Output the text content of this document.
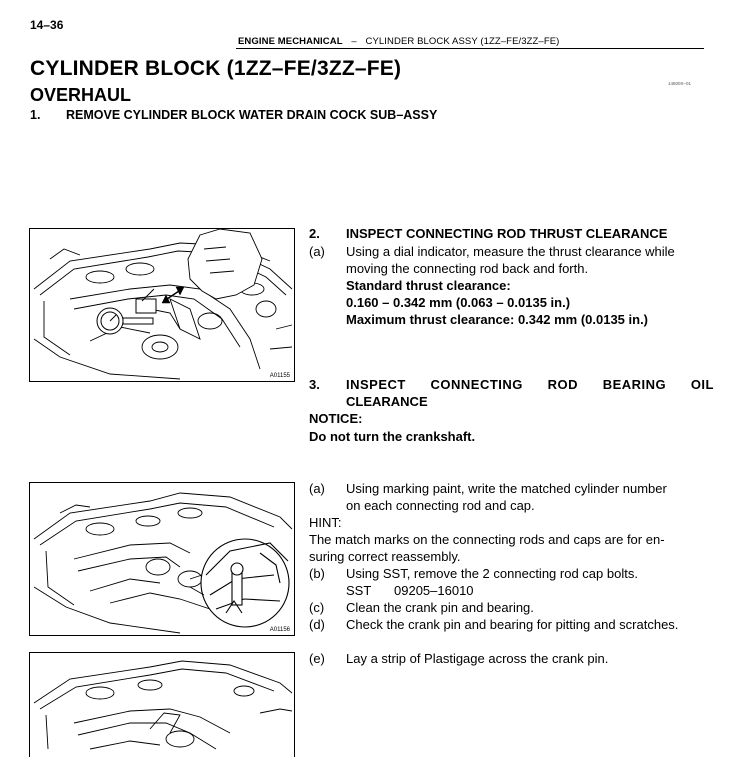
14–36
ENGINE MECHANICAL – CYLINDER BLOCK ASSY (1ZZ–FE/3ZZ–FE)
CYLINDER BLOCK (1ZZ–FE/3ZZ–FE)
14600X–01
OVERHAUL
1. REMOVE CYLINDER BLOCK WATER DRAIN COCK SUB–ASSY
A01155
A01156
2. INSPECT CONNECTING ROD THRUST CLEARANCE
(a) Using a dial indicator, measure the thrust clearance while
moving the connecting rod back and forth.
Standard thrust clearance:
0.160 – 0.342 mm (0.063 – 0.0135 in.)
Maximum thrust clearance: 0.342 mm (0.0135 in.)
3.	INSPECT CONNECTING ROD BEARING OIL
CLEARANCE
NOTICE:
Do not turn the crankshaft.
(a) Using marking paint, write the matched cylinder number
on each connecting rod and cap.
HINT:
The match marks on the connecting rods and caps are for en-
suring correct reassembly.
(b) Using SST, remove the 2 connecting rod cap bolts.
SST 09205–16010
(c) Clean the crank pin and bearing.
(d) Check the crank pin and bearing for pitting and scratches.
(e) Lay a strip of Plastigage across the crank pin.
